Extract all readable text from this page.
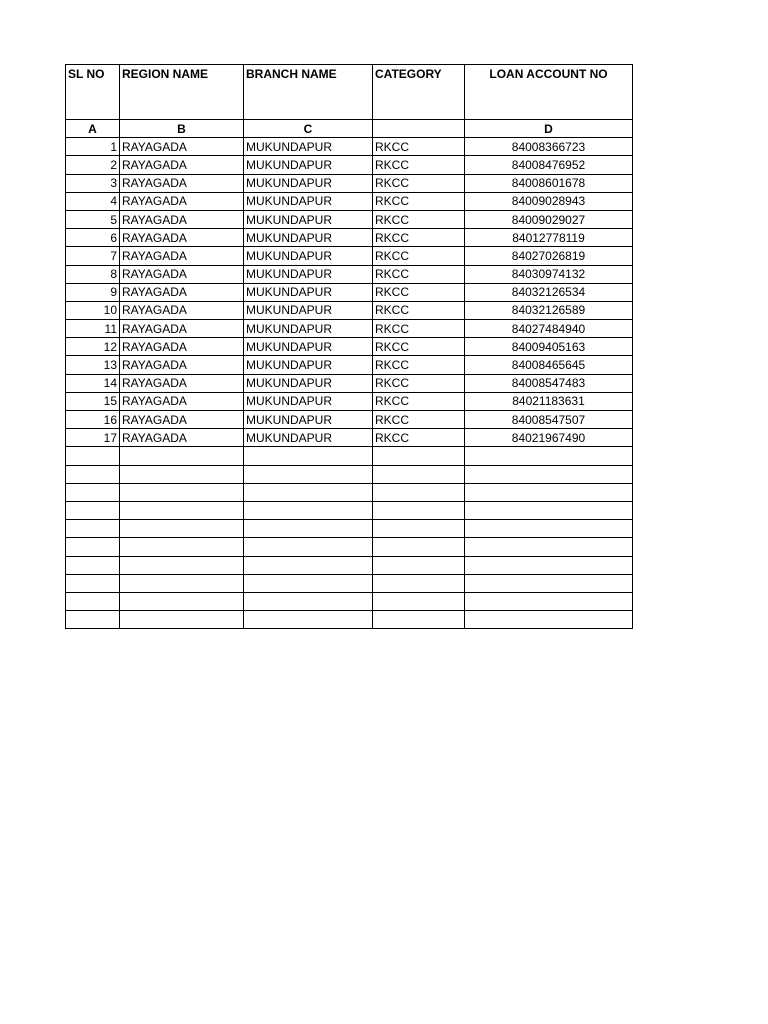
SL NO	REGION NAME	BRANCH NAME	CATEGORY	LOAN ACCOUNT NO
A	B	C		D
1	RAYAGADA	MUKUNDAPUR	RKCC	84008366723
2	RAYAGADA	MUKUNDAPUR	RKCC	84008476952
3	RAYAGADA	MUKUNDAPUR	RKCC	84008601678
4	RAYAGADA	MUKUNDAPUR	RKCC	84009028943
5	RAYAGADA	MUKUNDAPUR	RKCC	84009029027
6	RAYAGADA	MUKUNDAPUR	RKCC	84012778119
7	RAYAGADA	MUKUNDAPUR	RKCC	84027026819
8	RAYAGADA	MUKUNDAPUR	RKCC	84030974132
9	RAYAGADA	MUKUNDAPUR	RKCC	84032126534
10	RAYAGADA	MUKUNDAPUR	RKCC	84032126589
11	RAYAGADA	MUKUNDAPUR	RKCC	84027484940
12	RAYAGADA	MUKUNDAPUR	RKCC	84009405163
13	RAYAGADA	MUKUNDAPUR	RKCC	84008465645
14	RAYAGADA	MUKUNDAPUR	RKCC	84008547483
15	RAYAGADA	MUKUNDAPUR	RKCC	84021183631
16	RAYAGADA	MUKUNDAPUR	RKCC	84008547507
17	RAYAGADA	MUKUNDAPUR	RKCC	84021967490
